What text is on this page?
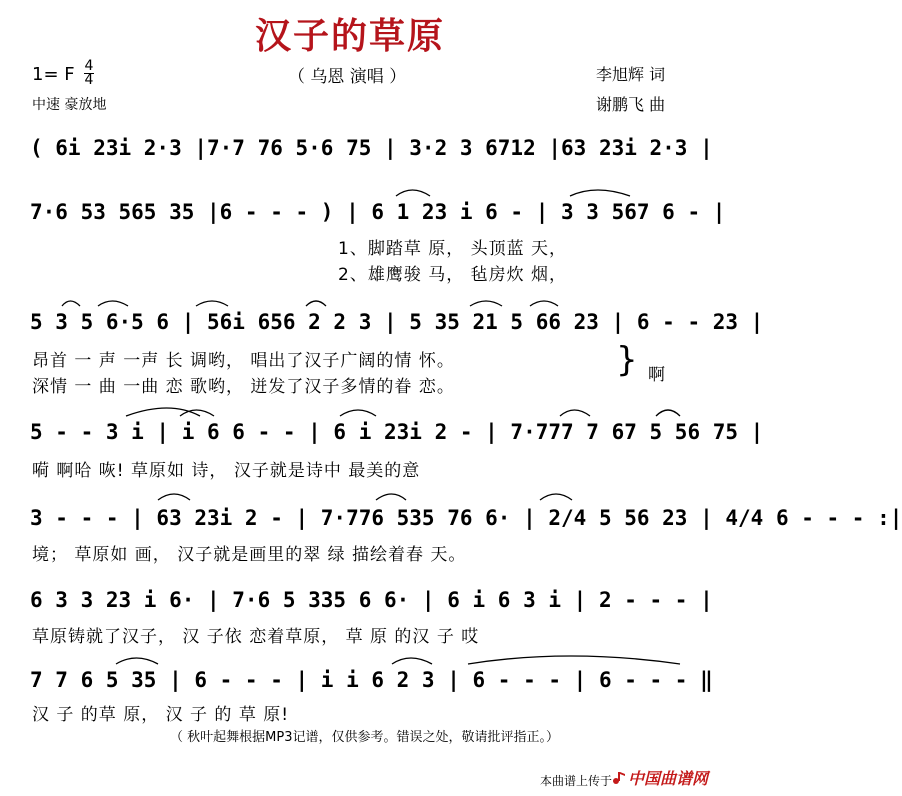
汉子的草原
（ 乌恩 演唱 ）
1= F 4
4
中速 豪放地
李旭辉 词
谢鹏飞 曲
( 6i 23i 2·3 |7·7 76 5·6 75 | 3·2 3 6712 |63 23i 2·3 |
7·6 53 565 35 |6 - - - ) | 6 1 23 i 6 - | 3 3 567 6 - |
1、脚踏草 原， 头顶蓝 天，
2、雄鹰骏 马， 毡房炊 烟，
5 3 5 6·5 6 | 56i 656 2 2 3 | 5 35 21 5 66 23 | 6 - - 23 |
昂首 一 声 一声 长 调哟， 唱出了汉子广阔的情 怀。
深情 一 曲 一曲 恋 歌哟， 迸发了汉子多情的眷 恋。
} 啊
5 - - 3 i | i 6 6 - - | 6 i 23i 2 - | 7·777 7 67 5 56 75 |
嗬 啊哈 咴! 草原如 诗， 汉子就是诗中 最美的意
3 - - - | 63 23i 2 - | 7·776 535 76 6· | 2/4 5 56 23 | 4/4 6 - - - :|
境； 草原如 画， 汉子就是画里的翠 绿 描绘着春 天。
6 3 3 23 i 6· | 7·6 5 335 6 6· | 6 i 6 3 i | 2 - - - |
草原铸就了汉子， 汉 子依 恋着草原， 草 原 的汉 子 哎
7 7 6 5 35 | 6 - - - | i i 6 2 3 | 6 - - - | 6 - - - ‖
汉 子 的草 原， 汉 子 的 草 原!
（ 秋叶起舞根据MP3记谱，仅供参考。错误之处，敬请批评指正。）
本曲谱上传于 中国曲谱网
